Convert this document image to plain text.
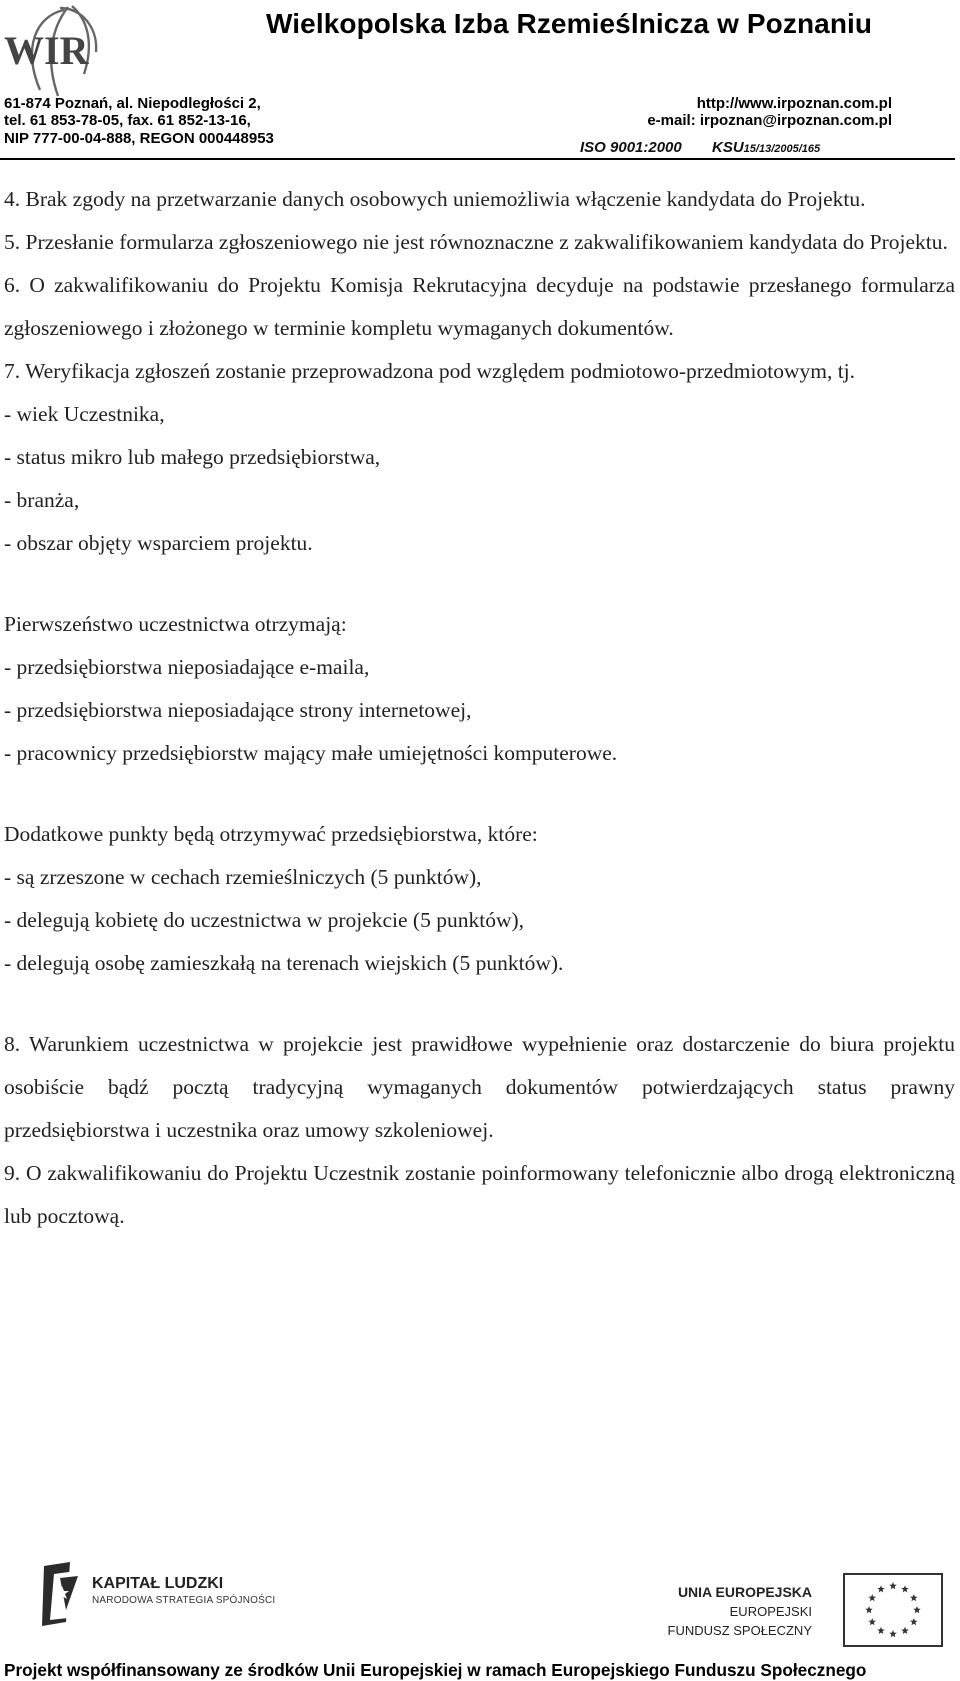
WIR
Wielkopolska Izba Rzemieślnicza w Poznaniu
61-874 Poznań, al. Niepodległości 2,
tel. 61 853-78-05, fax. 61 852-13-16,
NIP 777-00-04-888, REGON 000448953
http://www.irpoznan.com.pl
e-mail: irpoznan@irpoznan.com.pl
ISO 9001:2000 KSU15/13/2005/165

4. Brak zgody na przetwarzanie danych osobowych uniemożliwia włączenie kandydata do Projektu.

5. Przesłanie formularza zgłoszeniowego nie jest równoznaczne z zakwalifikowaniem kandydata do Projektu.

6. O zakwalifikowaniu do Projektu Komisja Rekrutacyjna decyduje na podstawie przesłanego formularza zgłoszeniowego i złożonego w terminie kompletu wymaganych dokumentów.

7. Weryfikacja zgłoszeń zostanie przeprowadzona pod względem podmiotowo-przedmiotowym, tj.

- wiek Uczestnika,

- status mikro lub małego przedsiębiorstwa,

- branża,

- obszar objęty wsparciem projektu.

Pierwszeństwo uczestnictwa otrzymają:

- przedsiębiorstwa nieposiadające e-maila,

- przedsiębiorstwa nieposiadające strony internetowej,

- pracownicy przedsiębiorstw mający małe umiejętności komputerowe.

Dodatkowe punkty będą otrzymywać przedsiębiorstwa, które:

- są zrzeszone w cechach rzemieślniczych (5 punktów),

- delegują kobietę do uczestnictwa w projekcie (5 punktów),

- delegują osobę zamieszkałą na terenach wiejskich (5 punktów).

8. Warunkiem uczestnictwa w projekcie jest prawidłowe wypełnienie oraz dostarczenie do biura projektu osobiście bądź pocztą tradycyjną wymaganych dokumentów potwierdzających status prawny przedsiębiorstwa i uczestnika oraz umowy szkoleniowej.

9. O zakwalifikowaniu do Projektu Uczestnik zostanie poinformowany telefonicznie albo drogą elektroniczną lub pocztową.

KAPITAŁ LUDZKI
NARODOWA STRATEGIA SPÓJNOŚCI
UNIA EUROPEJSKA
EUROPEJSKI
FUNDUSZ SPOŁECZNY
Projekt współfinansowany ze środków Unii Europejskiej w ramach Europejskiego Funduszu Społecznego
